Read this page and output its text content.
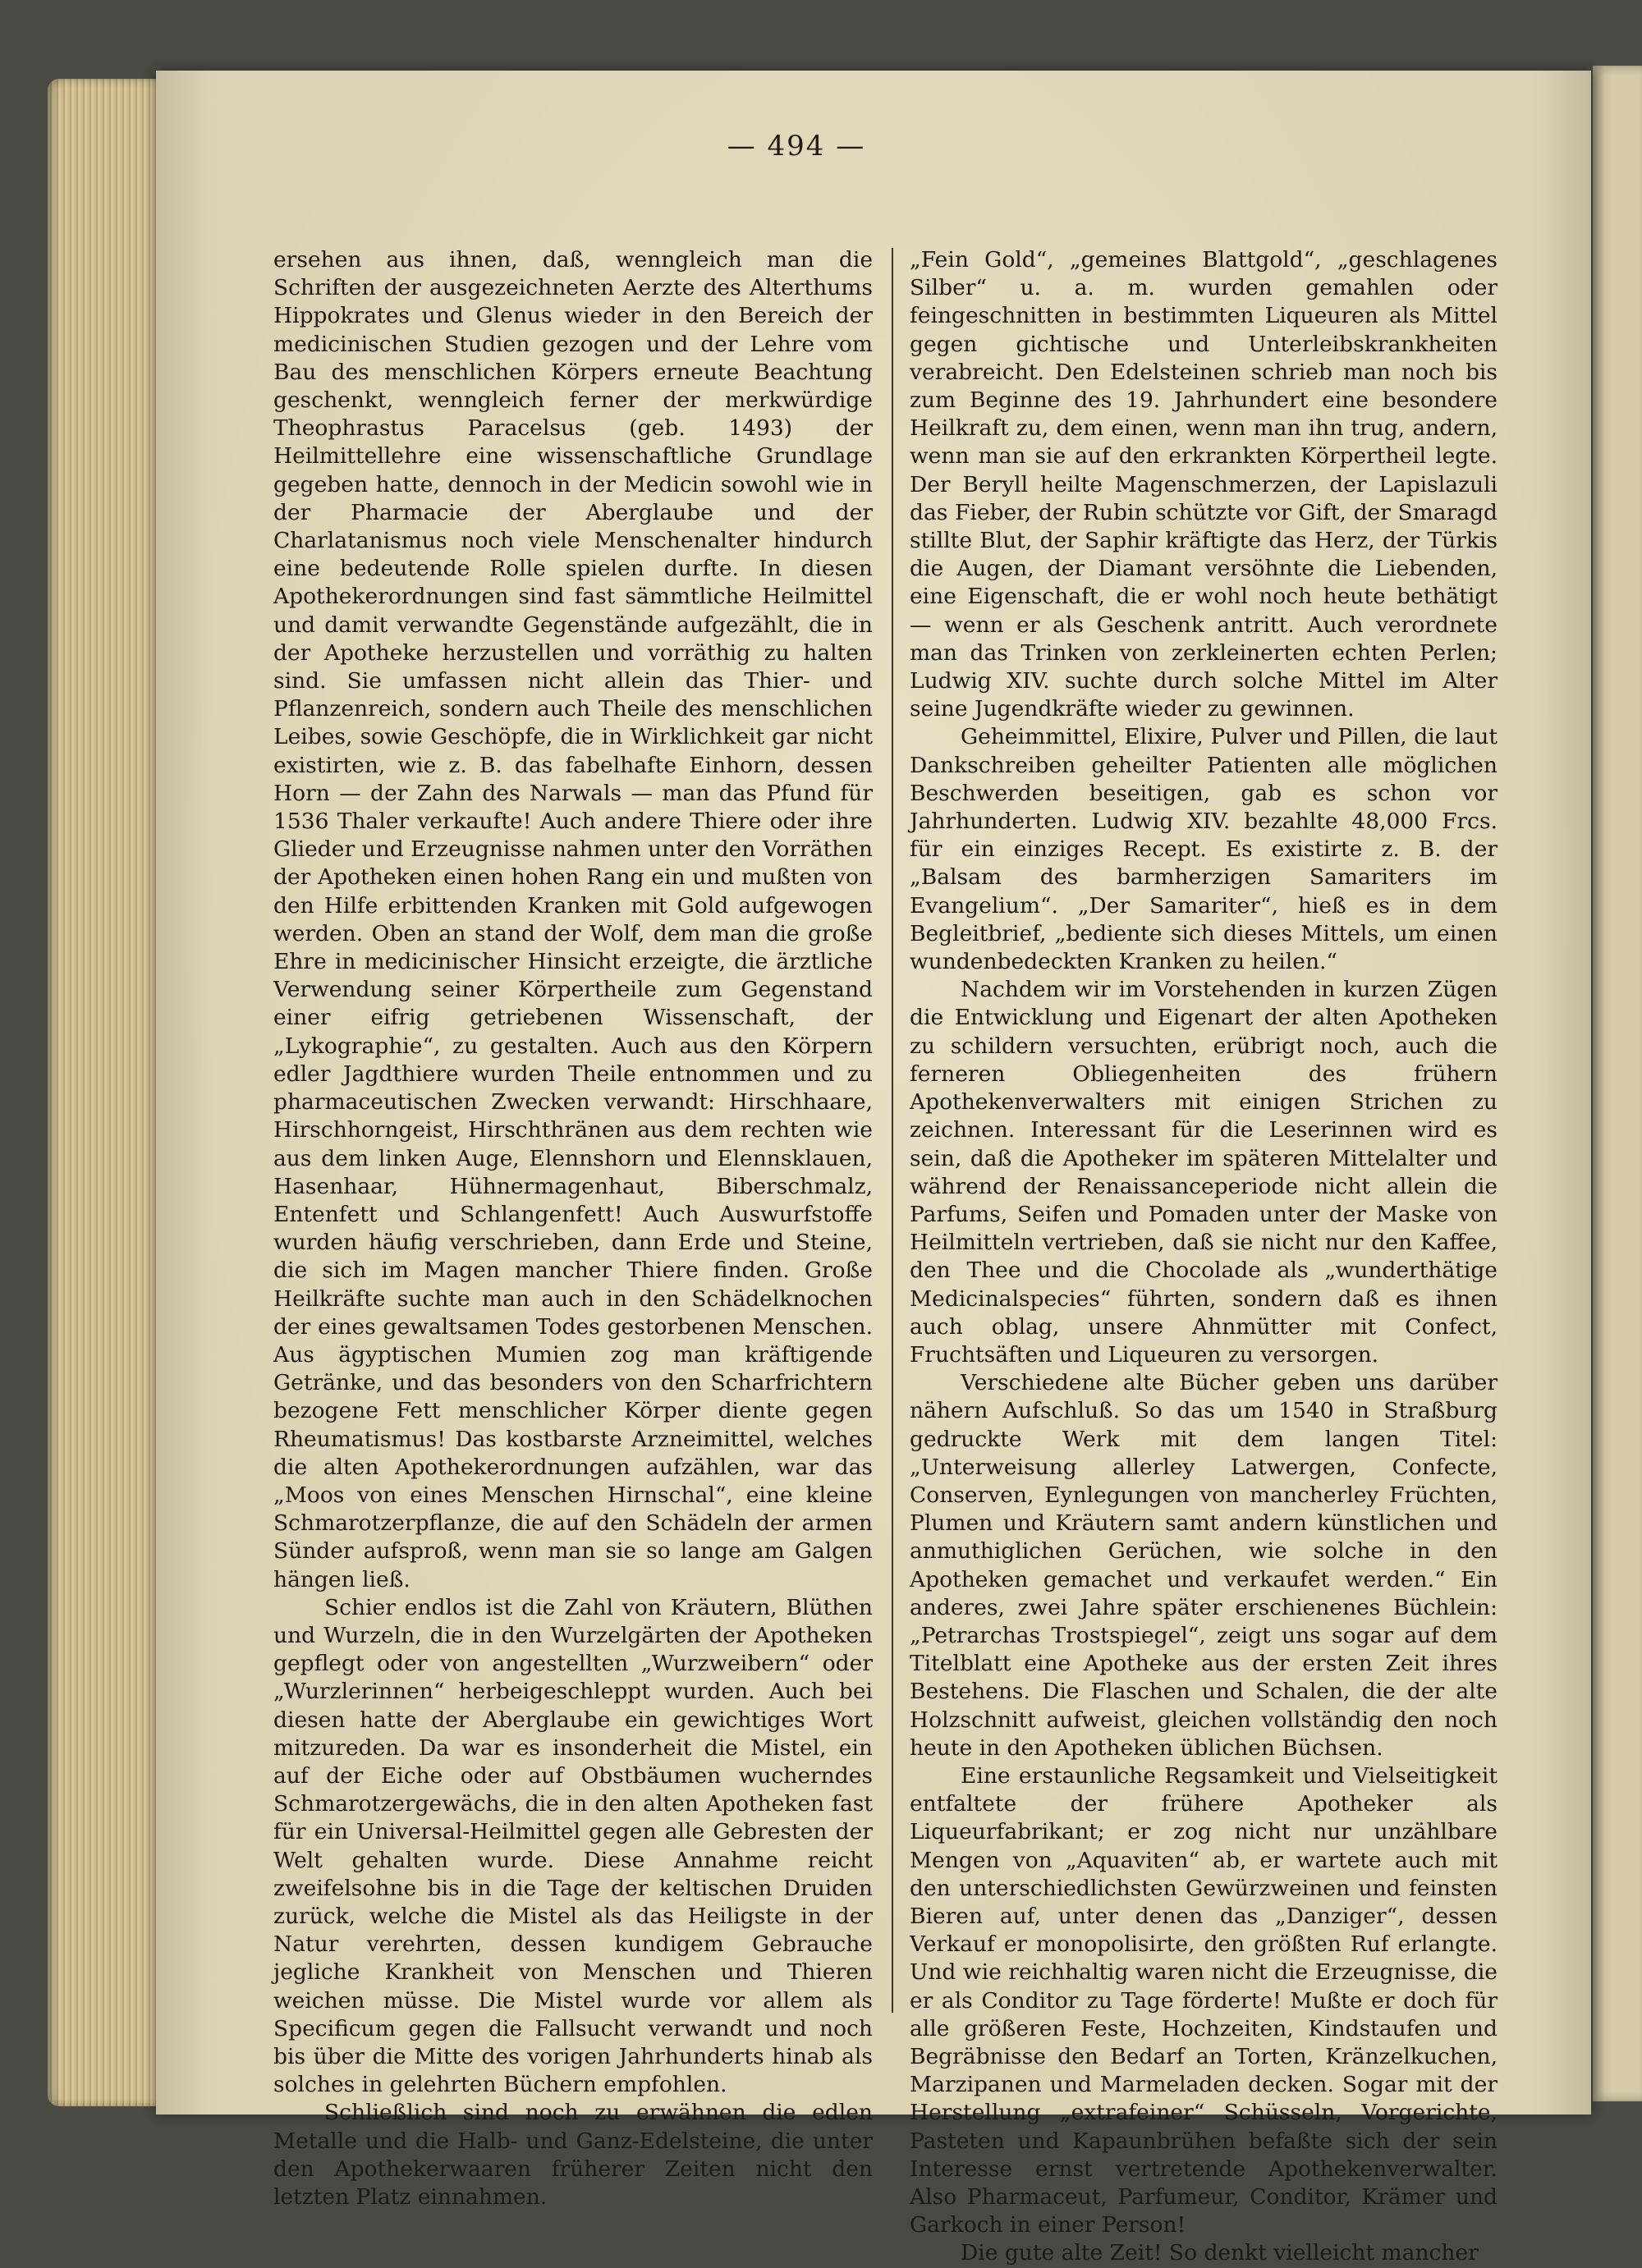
— 494 —

ersehen aus ihnen, daß, wenngleich man die Schriften der ausgezeichneten Aerzte des Alterthums Hippokrates und Glenus wieder in den Bereich der medicinischen Studien gezogen und der Lehre vom Bau des menschlichen Körpers erneute Beachtung geschenkt, wenngleich ferner der merkwürdige Theophrastus Paracelsus (geb. 1493) der Heilmittellehre eine wissenschaftliche Grundlage gegeben hatte, dennoch in der Medicin sowohl wie in der Pharmacie der Aberglaube und der Charlatanismus noch viele Menschenalter hindurch eine bedeutende Rolle spielen durfte. In diesen Apothekerordnungen sind fast sämmtliche Heilmittel und damit verwandte Gegenstände aufgezählt, die in der Apotheke herzustellen und vorräthig zu halten sind. Sie umfassen nicht allein das Thier- und Pflanzenreich, sondern auch Theile des menschlichen Leibes, sowie Geschöpfe, die in Wirklichkeit gar nicht existirten, wie z. B. das fabelhafte Einhorn, dessen Horn — der Zahn des Narwals — man das Pfund für 1536 Thaler verkaufte! Auch andere Thiere oder ihre Glieder und Erzeugnisse nahmen unter den Vorräthen der Apotheken einen hohen Rang ein und mußten von den Hilfe erbittenden Kranken mit Gold aufgewogen werden. Oben an stand der Wolf, dem man die große Ehre in medicinischer Hinsicht erzeigte, die ärztliche Verwendung seiner Körpertheile zum Gegenstand einer eifrig getriebenen Wissenschaft, der „Lykographie“, zu gestalten. Auch aus den Körpern edler Jagdthiere wurden Theile entnommen und zu pharmaceutischen Zwecken verwandt: Hirschhaare, Hirschhorngeist, Hirschthränen aus dem rechten wie aus dem linken Auge, Elennshorn und Elennsklauen, Hasenhaar, Hühnermagenhaut, Biberschmalz, Entenfett und Schlangenfett! Auch Auswurfstoffe wurden häufig verschrieben, dann Erde und Steine, die sich im Magen mancher Thiere finden. Große Heilkräfte suchte man auch in den Schädelknochen der eines gewaltsamen Todes gestorbenen Menschen. Aus ägyptischen Mumien zog man kräftigende Getränke, und das besonders von den Scharfrichtern bezogene Fett menschlicher Körper diente gegen Rheumatismus! Das kostbarste Arzneimittel, welches die alten Apothekerordnungen aufzählen, war das „Moos von eines Menschen Hirnschal“, eine kleine Schmarotzerpflanze, die auf den Schädeln der armen Sünder aufsproß, wenn man sie so lange am Galgen hängen ließ.

Schier endlos ist die Zahl von Kräutern, Blüthen und Wurzeln, die in den Wurzelgärten der Apotheken gepflegt oder von angestellten „Wurzweibern“ oder „Wurzlerinnen“ herbeigeschleppt wurden. Auch bei diesen hatte der Aberglaube ein gewichtiges Wort mitzureden. Da war es insonderheit die Mistel, ein auf der Eiche oder auf Obstbäumen wucherndes Schmarotzergewächs, die in den alten Apotheken fast für ein Universal-Heilmittel gegen alle Gebresten der Welt gehalten wurde. Diese Annahme reicht zweifelsohne bis in die Tage der keltischen Druiden zurück, welche die Mistel als das Heiligste in der Natur verehrten, dessen kundigem Gebrauche jegliche Krankheit von Menschen und Thieren weichen müsse. Die Mistel wurde vor allem als Specificum gegen die Fallsucht verwandt und noch bis über die Mitte des vorigen Jahrhunderts hinab als solches in gelehrten Büchern empfohlen.

Schließlich sind noch zu erwähnen die edlen Metalle und die Halb- und Ganz-Edelsteine, die unter den Apothekerwaaren früherer Zeiten nicht den letzten Platz einnahmen.

„Fein Gold“, „gemeines Blattgold“, „geschlagenes Silber“ u. a. m. wurden gemahlen oder feingeschnitten in bestimmten Liqueuren als Mittel gegen gichtische und Unterleibskrankheiten verabreicht. Den Edelsteinen schrieb man noch bis zum Beginne des 19. Jahrhundert eine besondere Heilkraft zu, dem einen, wenn man ihn trug, andern, wenn man sie auf den erkrankten Körpertheil legte. Der Beryll heilte Magenschmerzen, der Lapislazuli das Fieber, der Rubin schützte vor Gift, der Smaragd stillte Blut, der Saphir kräftigte das Herz, der Türkis die Augen, der Diamant versöhnte die Liebenden, eine Eigenschaft, die er wohl noch heute bethätigt — wenn er als Geschenk antritt. Auch verordnete man das Trinken von zerkleinerten echten Perlen; Ludwig XIV. suchte durch solche Mittel im Alter seine Jugendkräfte wieder zu gewinnen.

Geheimmittel, Elixire, Pulver und Pillen, die laut Dankschreiben geheilter Patienten alle möglichen Beschwerden beseitigen, gab es schon vor Jahrhunderten. Ludwig XIV. bezahlte 48,000 Frcs. für ein einziges Recept. Es existirte z. B. der „Balsam des barmherzigen Samariters im Evangelium“. „Der Samariter“, hieß es in dem Begleitbrief, „bediente sich dieses Mittels, um einen wundenbedeckten Kranken zu heilen.“

Nachdem wir im Vorstehenden in kurzen Zügen die Entwicklung und Eigenart der alten Apotheken zu schildern versuchten, erübrigt noch, auch die ferneren Obliegenheiten des frühern Apothekenverwalters mit einigen Strichen zu zeichnen. Interessant für die Leserinnen wird es sein, daß die Apotheker im späteren Mittelalter und während der Renaissanceperiode nicht allein die Parfums, Seifen und Pomaden unter der Maske von Heilmitteln vertrieben, daß sie nicht nur den Kaffee, den Thee und die Chocolade als „wunderthätige Medicinalspecies“ führten, sondern daß es ihnen auch oblag, unsere Ahnmütter mit Confect, Fruchtsäften und Liqueuren zu versorgen.

Verschiedene alte Bücher geben uns darüber nähern Aufschluß. So das um 1540 in Straßburg gedruckte Werk mit dem langen Titel: „Unterweisung allerley Latwergen, Confecte, Conserven, Eynlegungen von mancherley Früchten, Plumen und Kräutern samt andern künstlichen und anmuthiglichen Gerüchen, wie solche in den Apotheken gemachet und verkaufet werden.“ Ein anderes, zwei Jahre später erschienenes Büchlein: „Petrarchas Trostspiegel“, zeigt uns sogar auf dem Titelblatt eine Apotheke aus der ersten Zeit ihres Bestehens. Die Flaschen und Schalen, die der alte Holzschnitt aufweist, gleichen vollständig den noch heute in den Apotheken üblichen Büchsen.

Eine erstaunliche Regsamkeit und Vielseitigkeit entfaltete der frühere Apotheker als Liqueurfabrikant; er zog nicht nur unzählbare Mengen von „Aquaviten“ ab, er wartete auch mit den unterschiedlichsten Gewürzweinen und feinsten Bieren auf, unter denen das „Danziger“, dessen Verkauf er monopolisirte, den größten Ruf erlangte. Und wie reichhaltig waren nicht die Erzeugnisse, die er als Conditor zu Tage förderte! Mußte er doch für alle größeren Feste, Hochzeiten, Kindstaufen und Begräbnisse den Bedarf an Torten, Kränzelkuchen, Marzipanen und Marmeladen decken. Sogar mit der Herstellung „extrafeiner“ Schüsseln, Vorgerichte, Pasteten und Kapaunbrühen befaßte sich der sein Interesse ernst vertretende Apothekenverwalter. Also Pharmaceut, Parfumeur, Conditor, Krämer und Garkoch in einer Person!

Die gute alte Zeit! So denkt vielleicht mancher
